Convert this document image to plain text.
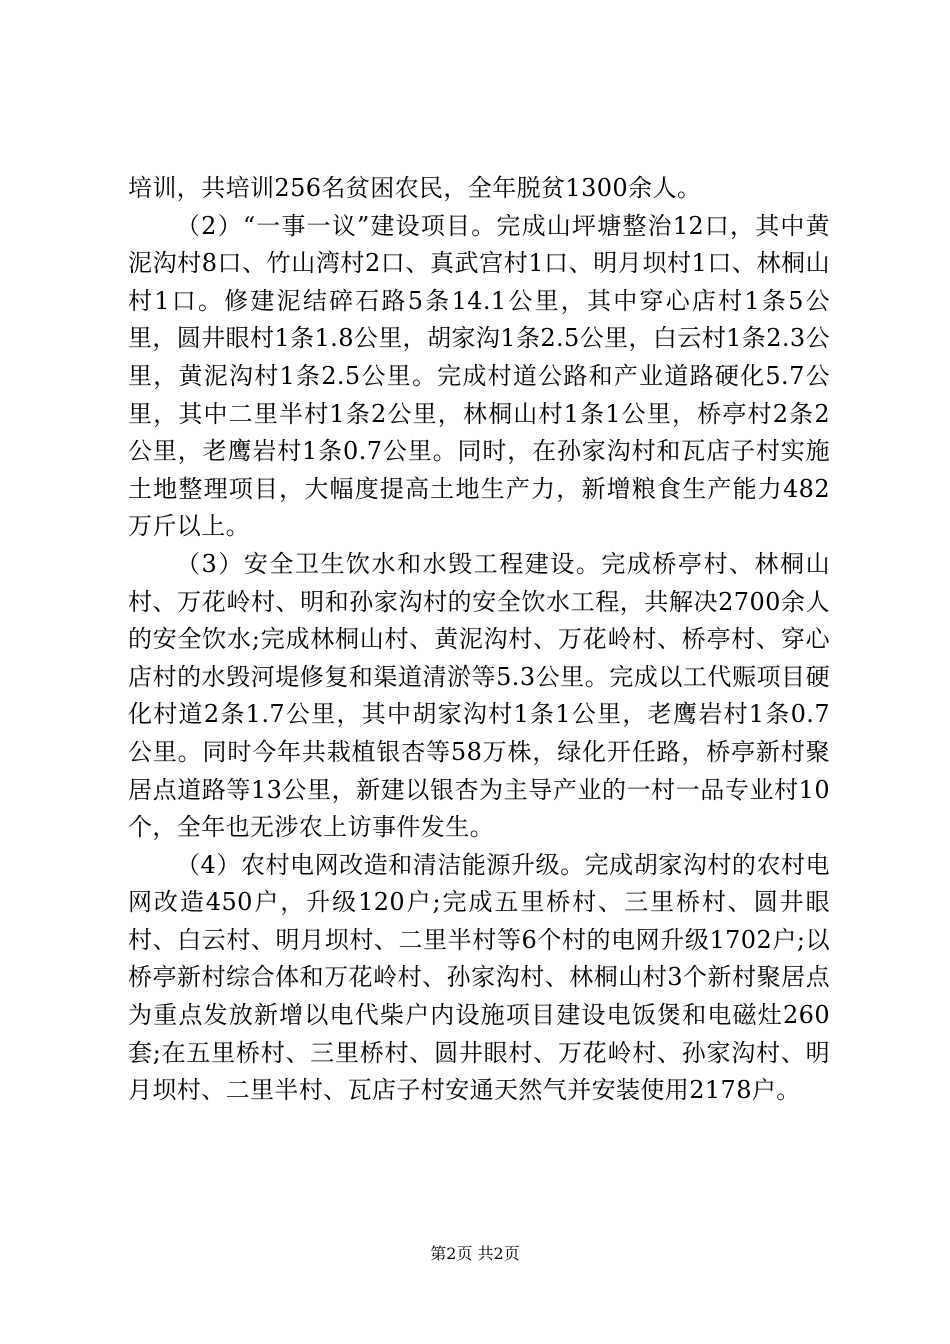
培训，共培训256名贫困农民，全年脱贫1300余人。

（2）“一事一议”建设项目。完成山坪塘整治12口，其中黄泥沟村8口、竹山湾村2口、真武宫村1口、明月坝村1口、林桐山村1口。修建泥结碎石路5条14.1公里，其中穿心店村1条5公里，圆井眼村1条1.8公里，胡家沟1条2.5公里，白云村1条2.3公里，黄泥沟村1条2.5公里。完成村道公路和产业道路硬化5.7公里，其中二里半村1条2公里，林桐山村1条1公里，桥亭村2条2公里，老鹰岩村1条0.7公里。同时，在孙家沟村和瓦店子村实施土地整理项目，大幅度提高土地生产力，新增粮食生产能力482万斤以上。

（3）安全卫生饮水和水毁工程建设。完成桥亭村、林桐山村、万花岭村、明和孙家沟村的安全饮水工程，共解决2700余人的安全饮水;完成林桐山村、黄泥沟村、万花岭村、桥亭村、穿心店村的水毁河堤修复和渠道清淤等5.3公里。完成以工代赈项目硬化村道2条1.7公里，其中胡家沟村1条1公里，老鹰岩村1条0.7公里。同时今年共栽植银杏等58万株，绿化开任路，桥亭新村聚居点道路等13公里，新建以银杏为主导产业的一村一品专业村10个，全年也无涉农上访事件发生。

（4）农村电网改造和清洁能源升级。完成胡家沟村的农村电网改造450户，升级120户;完成五里桥村、三里桥村、圆井眼村、白云村、明月坝村、二里半村等6个村的电网升级1702户;以桥亭新村综合体和万花岭村、孙家沟村、林桐山村3个新村聚居点为重点发放新增以电代柴户内设施项目建设电饭煲和电磁灶260套;在五里桥村、三里桥村、圆井眼村、万花岭村、孙家沟村、明月坝村、二里半村、瓦店子村安通天然气并安装使用2178户。

第2页 共2页
